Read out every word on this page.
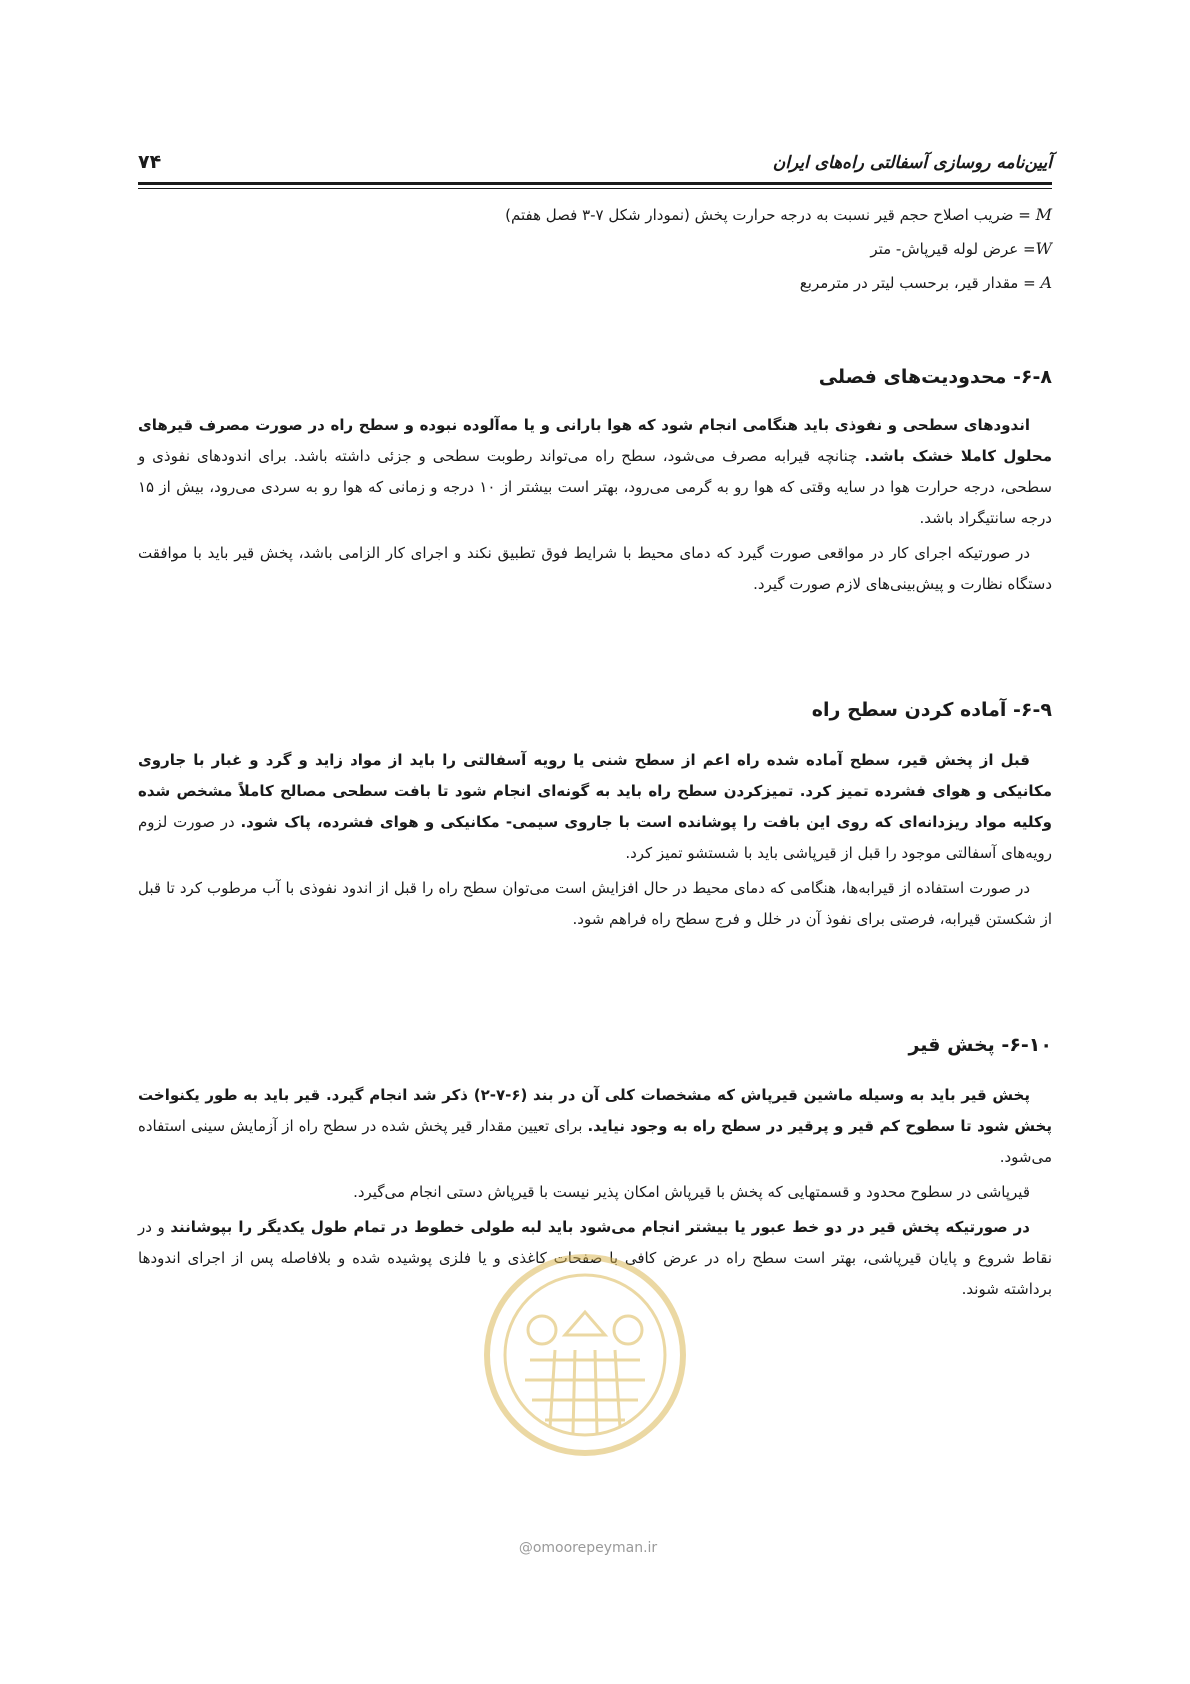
آیین‌نامه روسازی آسفالتی راه‌های ایران
۷۴
M = ضریب اصلاح حجم قیر نسبت به درجه حرارت پخش (نمودار شکل ۷-۳ فصل هفتم)
W= عرض لوله قیرپاش- متر
A = مقدار قیر، برحسب لیتر در مترمربع
۶-۸- محدودیت‌های فصلی

اندودهای سطحی و نفوذی باید هنگامی انجام شود که هوا بارانی و یا مه‌آلوده نبوده و سطح راه در صورت مصرف قیرهای محلول کاملا خشک باشد. چنانچه قیرابه مصرف می‌شود، سطح راه می‌تواند رطوبت سطحی و جزئی داشته باشد. برای اندودهای نفوذی و سطحی، درجه حرارت هوا در سایه وقتی که هوا رو به گرمی می‌رود، بهتر است بیشتر از ۱۰ درجه و زمانی که هوا رو به سردی می‌رود، بیش از ۱۵ درجه سانتیگراد باشد.

در صورتیکه اجرای کار در مواقعی صورت گیرد که دمای محیط با شرایط فوق تطبیق نکند و اجرای کار الزامی باشد، پخش قیر باید با موافقت دستگاه نظارت و پیش‌بینی‌های لازم صورت گیرد.

۶-۹- آماده کردن سطح راه

قبل از پخش قیر، سطح آماده شده راه اعم از سطح شنی یا رویه آسفالتی را باید از مواد زاید و گرد و غبار با جاروی مکانیکی و هوای فشرده تمیز کرد. تمیزکردن سطح راه باید به گونه‌ای انجام شود تا بافت سطحی مصالح کاملاً مشخص شده وکلیه مواد ریزدانه‌ای که روی این بافت را پوشانده است با جاروی سیمی- مکانیکی و هوای فشرده، پاک شود. در صورت لزوم رویه‌های آسفالتی موجود را قبل از قیرپاشی باید با شستشو تمیز کرد.

در صورت استفاده از قیرابه‌ها، هنگامی که دمای محیط در حال افزایش است می‌توان سطح راه را قبل از اندود نفوذی با آب مرطوب کرد تا قبل از شکستن قیرابه، فرصتی برای نفوذ آن در خلل و فرج سطح راه فراهم شود.

۶-۱۰- پخش قیر

پخش قیر باید به وسیله ماشین قیرپاش که مشخصات کلی آن در بند (۶-۷-۲) ذکر شد انجام گیرد. قیر باید به طور یکنواخت پخش شود تا سطوح کم قیر و پرقیر در سطح راه به وجود نیاید. برای تعیین مقدار قیر پخش شده در سطح راه از آزمایش سینی استفاده می‌شود.

قیرپاشی در سطوح محدود و قسمتهایی که پخش با قیرپاش امکان پذیر نیست با قیرپاش دستی انجام می‌گیرد.

در صورتیکه پخش قیر در دو خط عبور یا بیشتر انجام می‌شود باید لبه طولی خطوط در تمام طول یکدیگر را بپوشانند و در نقاط شروع و پایان قیرپاشی، بهتر است سطح راه در عرض کافی با صفحات کاغذی و یا فلزی پوشیده شده و بلافاصله پس از اجرای اندودها برداشته شوند.

@omoorepeyman.ir
